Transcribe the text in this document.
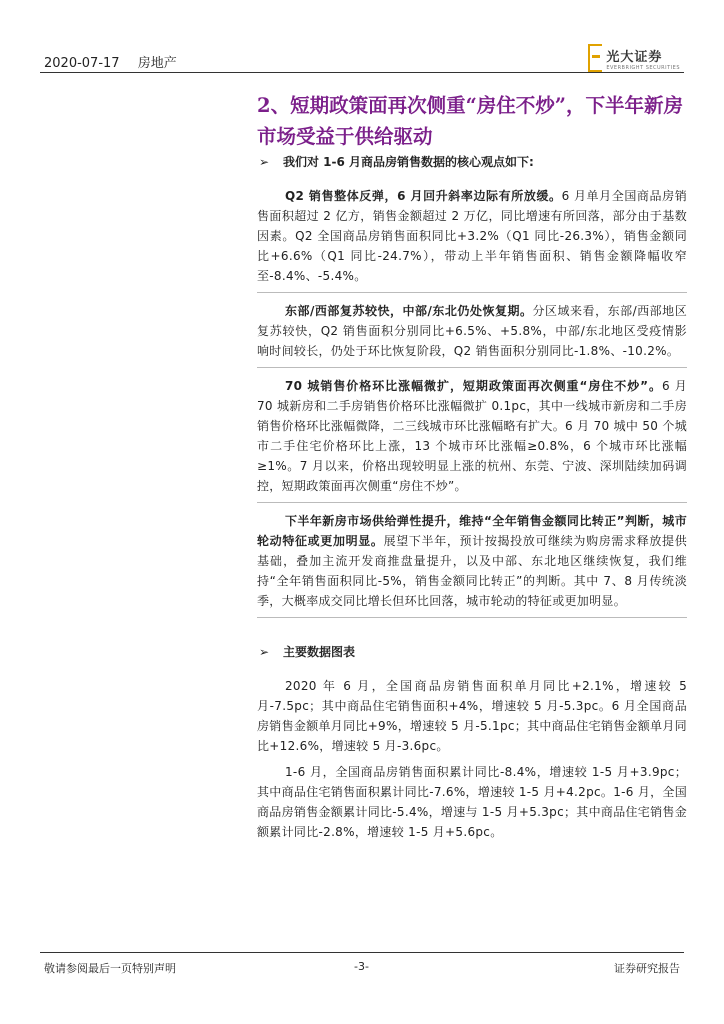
2020-07-17 房地产	光大证券
EVERBRIGHT SECURITIES
2、短期政策面再次侧重“房住不炒”，下半年新房市场受益于供给驱动
➢ 我们对 1-6 月商品房销售数据的核心观点如下:

Q2 销售整体反弹，6 月回升斜率边际有所放缓。6 月单月全国商品房销售面积超过 2 亿方，销售金额超过 2 万亿，同比增速有所回落，部分由于基数因素。Q2 全国商品房销售面积同比+3.2%（Q1 同比-26.3%），销售金额同比+6.6%（Q1 同比-24.7%），带动上半年销售面积、销售金额降幅收窄至-8.4%、-5.4%。

东部/西部复苏较快，中部/东北仍处恢复期。分区域来看，东部/西部地区复苏较快，Q2 销售面积分别同比+6.5%、+5.8%，中部/东北地区受疫情影响时间较长，仍处于环比恢复阶段，Q2 销售面积分别同比-1.8%、-10.2%。

70 城销售价格环比涨幅微扩，短期政策面再次侧重“房住不炒”。6 月 70 城新房和二手房销售价格环比涨幅微扩 0.1pc，其中一线城市新房和二手房销售价格环比涨幅微降，二三线城市环比涨幅略有扩大。6 月 70 城中 50 个城市二手住宅价格环比上涨，13 个城市环比涨幅≥0.8%，6 个城市环比涨幅≥1%。7 月以来，价格出现较明显上涨的杭州、东莞、宁波、深圳陆续加码调控，短期政策面再次侧重“房住不炒”。

下半年新房市场供给弹性提升，维持“全年销售金额同比转正”判断，城市轮动特征或更加明显。展望下半年，预计按揭投放可继续为购房需求释放提供基础，叠加主流开发商推盘量提升，以及中部、东北地区继续恢复，我们维持“全年销售面积同比-5%，销售金额同比转正”的判断。其中 7、8 月传统淡季，大概率成交同比增长但环比回落，城市轮动的特征或更加明显。

➢ 主要数据图表

2020 年 6 月，全国商品房销售面积单月同比+2.1%，增速较 5 月-7.5pc；其中商品住宅销售面积+4%，增速较 5 月-5.3pc。6 月全国商品房销售金额单月同比+9%，增速较 5 月-5.1pc；其中商品住宅销售金额单月同比+12.6%，增速较 5 月-3.6pc。

1-6 月，全国商品房销售面积累计同比-8.4%，增速较 1-5 月+3.9pc；其中商品住宅销售面积累计同比-7.6%，增速较 1-5 月+4.2pc。1-6 月，全国商品房销售金额累计同比-5.4%，增速与 1-5 月+5.3pc；其中商品住宅销售金额累计同比-2.8%，增速较 1-5 月+5.6pc。

敬请参阅最后一页特别声明	-3-	证券研究报告
